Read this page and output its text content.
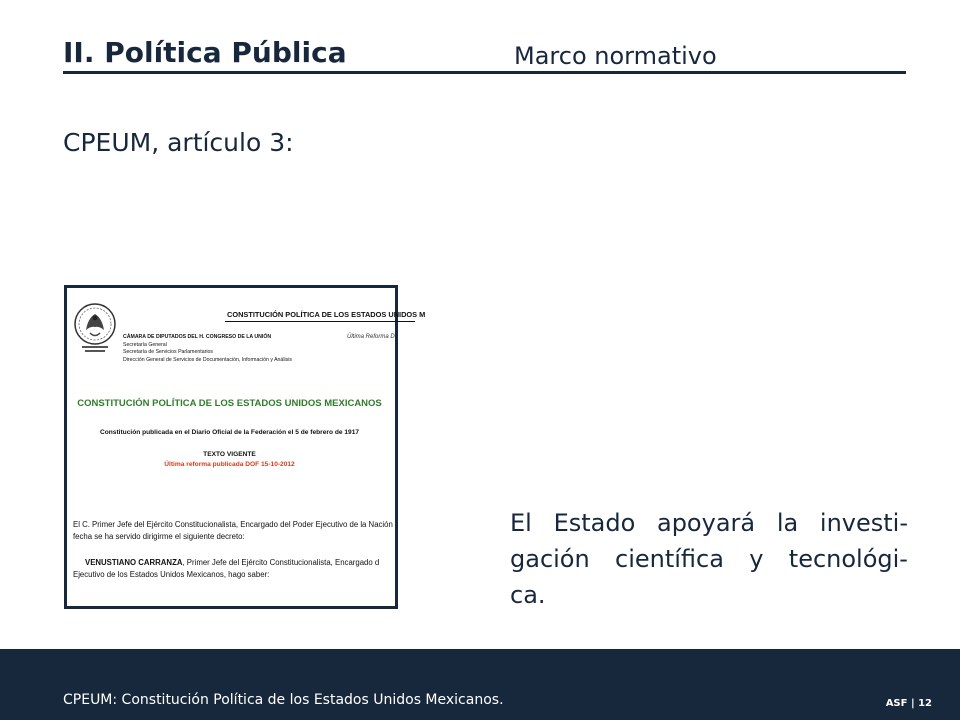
II. Política Pública	Marco normativo
CPEUM, artículo 3:
CONSTITUCIÓN POLÍTICA DE LOS ESTADOS UNIDOS M
Última Reforma D
CÁMARA DE DIPUTADOS DEL H. CONGRESO DE LA UNIÓN
Secretaría General
Secretaría de Servicios Parlamentarios
Dirección General de Servicios de Documentación, Información y Análisis
CONSTITUCIÓN POLÍTICA DE LOS ESTADOS UNIDOS MEXICANOS
Constitución publicada en el Diario Oficial de la Federación el 5 de febrero de 1917
TEXTO VIGENTE
Última reforma publicada DOF 15-10-2012
El C. Primer Jefe del Ejército Constitucionalista, Encargado del Poder Ejecutivo de la Nación
fecha se ha servido dirigirme el siguiente decreto:
VENUSTIANO CARRANZA, Primer Jefe del Ejército Constitucionalista, Encargado d
Ejecutivo de los Estados Unidos Mexicanos, hago saber:
El Estado apoyará la investi-
gación científica y tecnológi-
ca.
CPEUM: Constitución Política de los Estados Unidos Mexicanos.	ASF | 12
